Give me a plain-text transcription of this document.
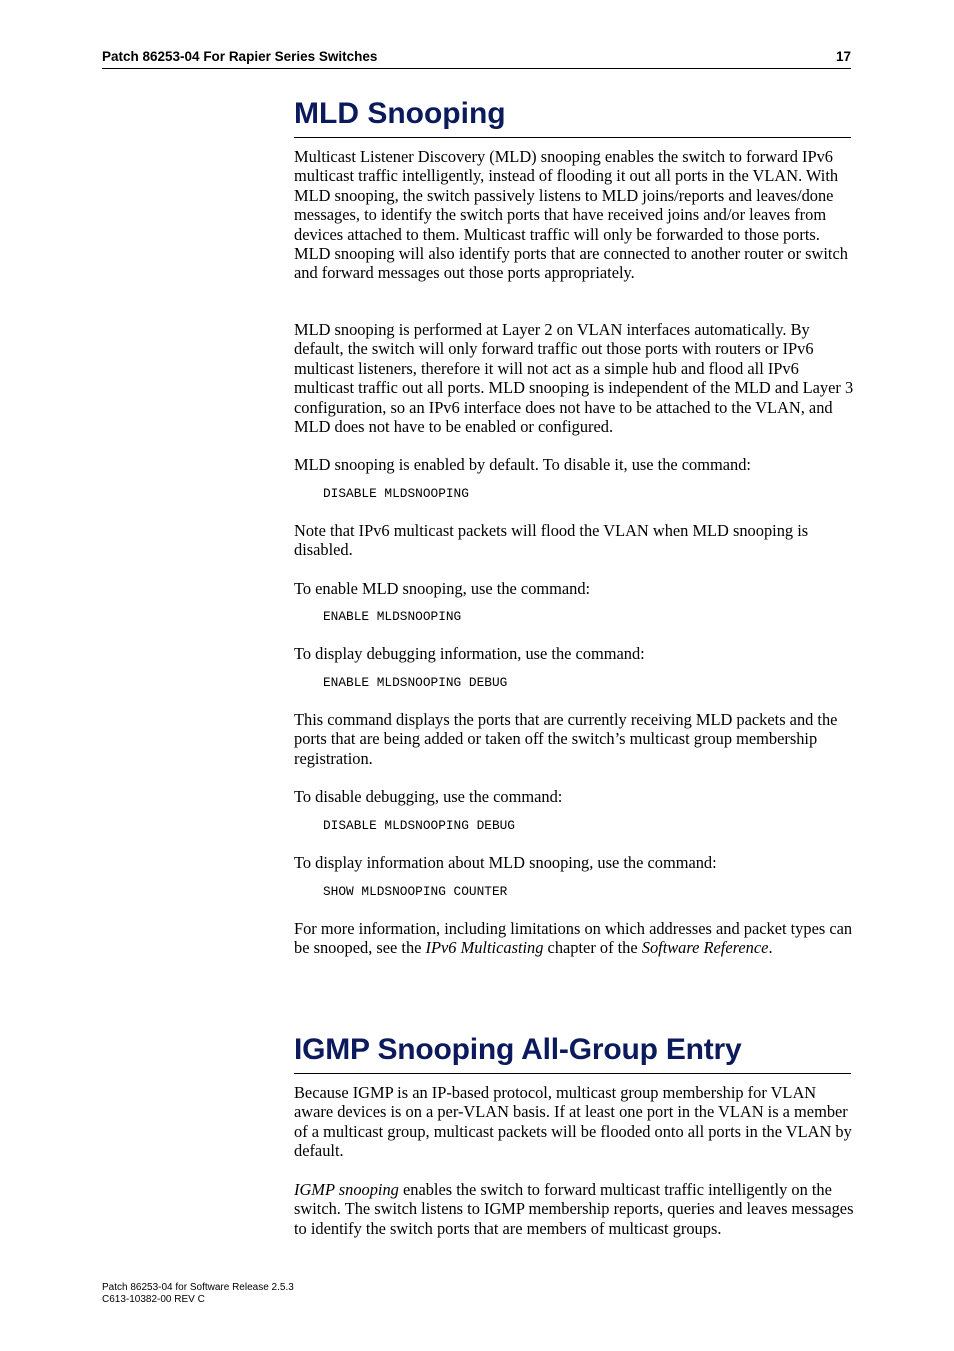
Patch 86253-04 For Rapier Series Switches	17
MLD Snooping

Multicast Listener Discovery (MLD) snooping enables the switch to forward IPv6 multicast traffic intelligently, instead of flooding it out all ports in the VLAN. With MLD snooping, the switch passively listens to MLD joins/reports and leaves/done messages, to identify the switch ports that have received joins and/or leaves from devices attached to them. Multicast traffic will only be forwarded to those ports. MLD snooping will also identify ports that are connected to another router or switch and forward messages out those ports appropriately.

MLD snooping is performed at Layer 2 on VLAN interfaces automatically. By default, the switch will only forward traffic out those ports with routers or IPv6 multicast listeners, therefore it will not act as a simple hub and flood all IPv6 multicast traffic out all ports. MLD snooping is independent of the MLD and Layer 3 configuration, so an IPv6 interface does not have to be attached to the VLAN, and MLD does not have to be enabled or configured.

MLD snooping is enabled by default. To disable it, use the command:

DISABLE MLDSNOOPING

Note that IPv6 multicast packets will flood the VLAN when MLD snooping is disabled.

To enable MLD snooping, use the command:

ENABLE MLDSNOOPING

To display debugging information, use the command:

ENABLE MLDSNOOPING DEBUG

This command displays the ports that are currently receiving MLD packets and the ports that are being added or taken off the switch’s multicast group membership registration.

To disable debugging, use the command:

DISABLE MLDSNOOPING DEBUG

To display information about MLD snooping, use the command:

SHOW MLDSNOOPING COUNTER

For more information, including limitations on which addresses and packet types can be snooped, see the IPv6 Multicasting chapter of the Software Reference.

IGMP Snooping All-Group Entry

Because IGMP is an IP-based protocol, multicast group membership for VLAN aware devices is on a per-VLAN basis. If at least one port in the VLAN is a member of a multicast group, multicast packets will be flooded onto all ports in the VLAN by default.

IGMP snooping enables the switch to forward multicast traffic intelligently on the switch. The switch listens to IGMP membership reports, queries and leaves messages to identify the switch ports that are members of multicast groups.

Patch 86253-04 for Software Release 2.5.3
C613-10382-00 REV C
